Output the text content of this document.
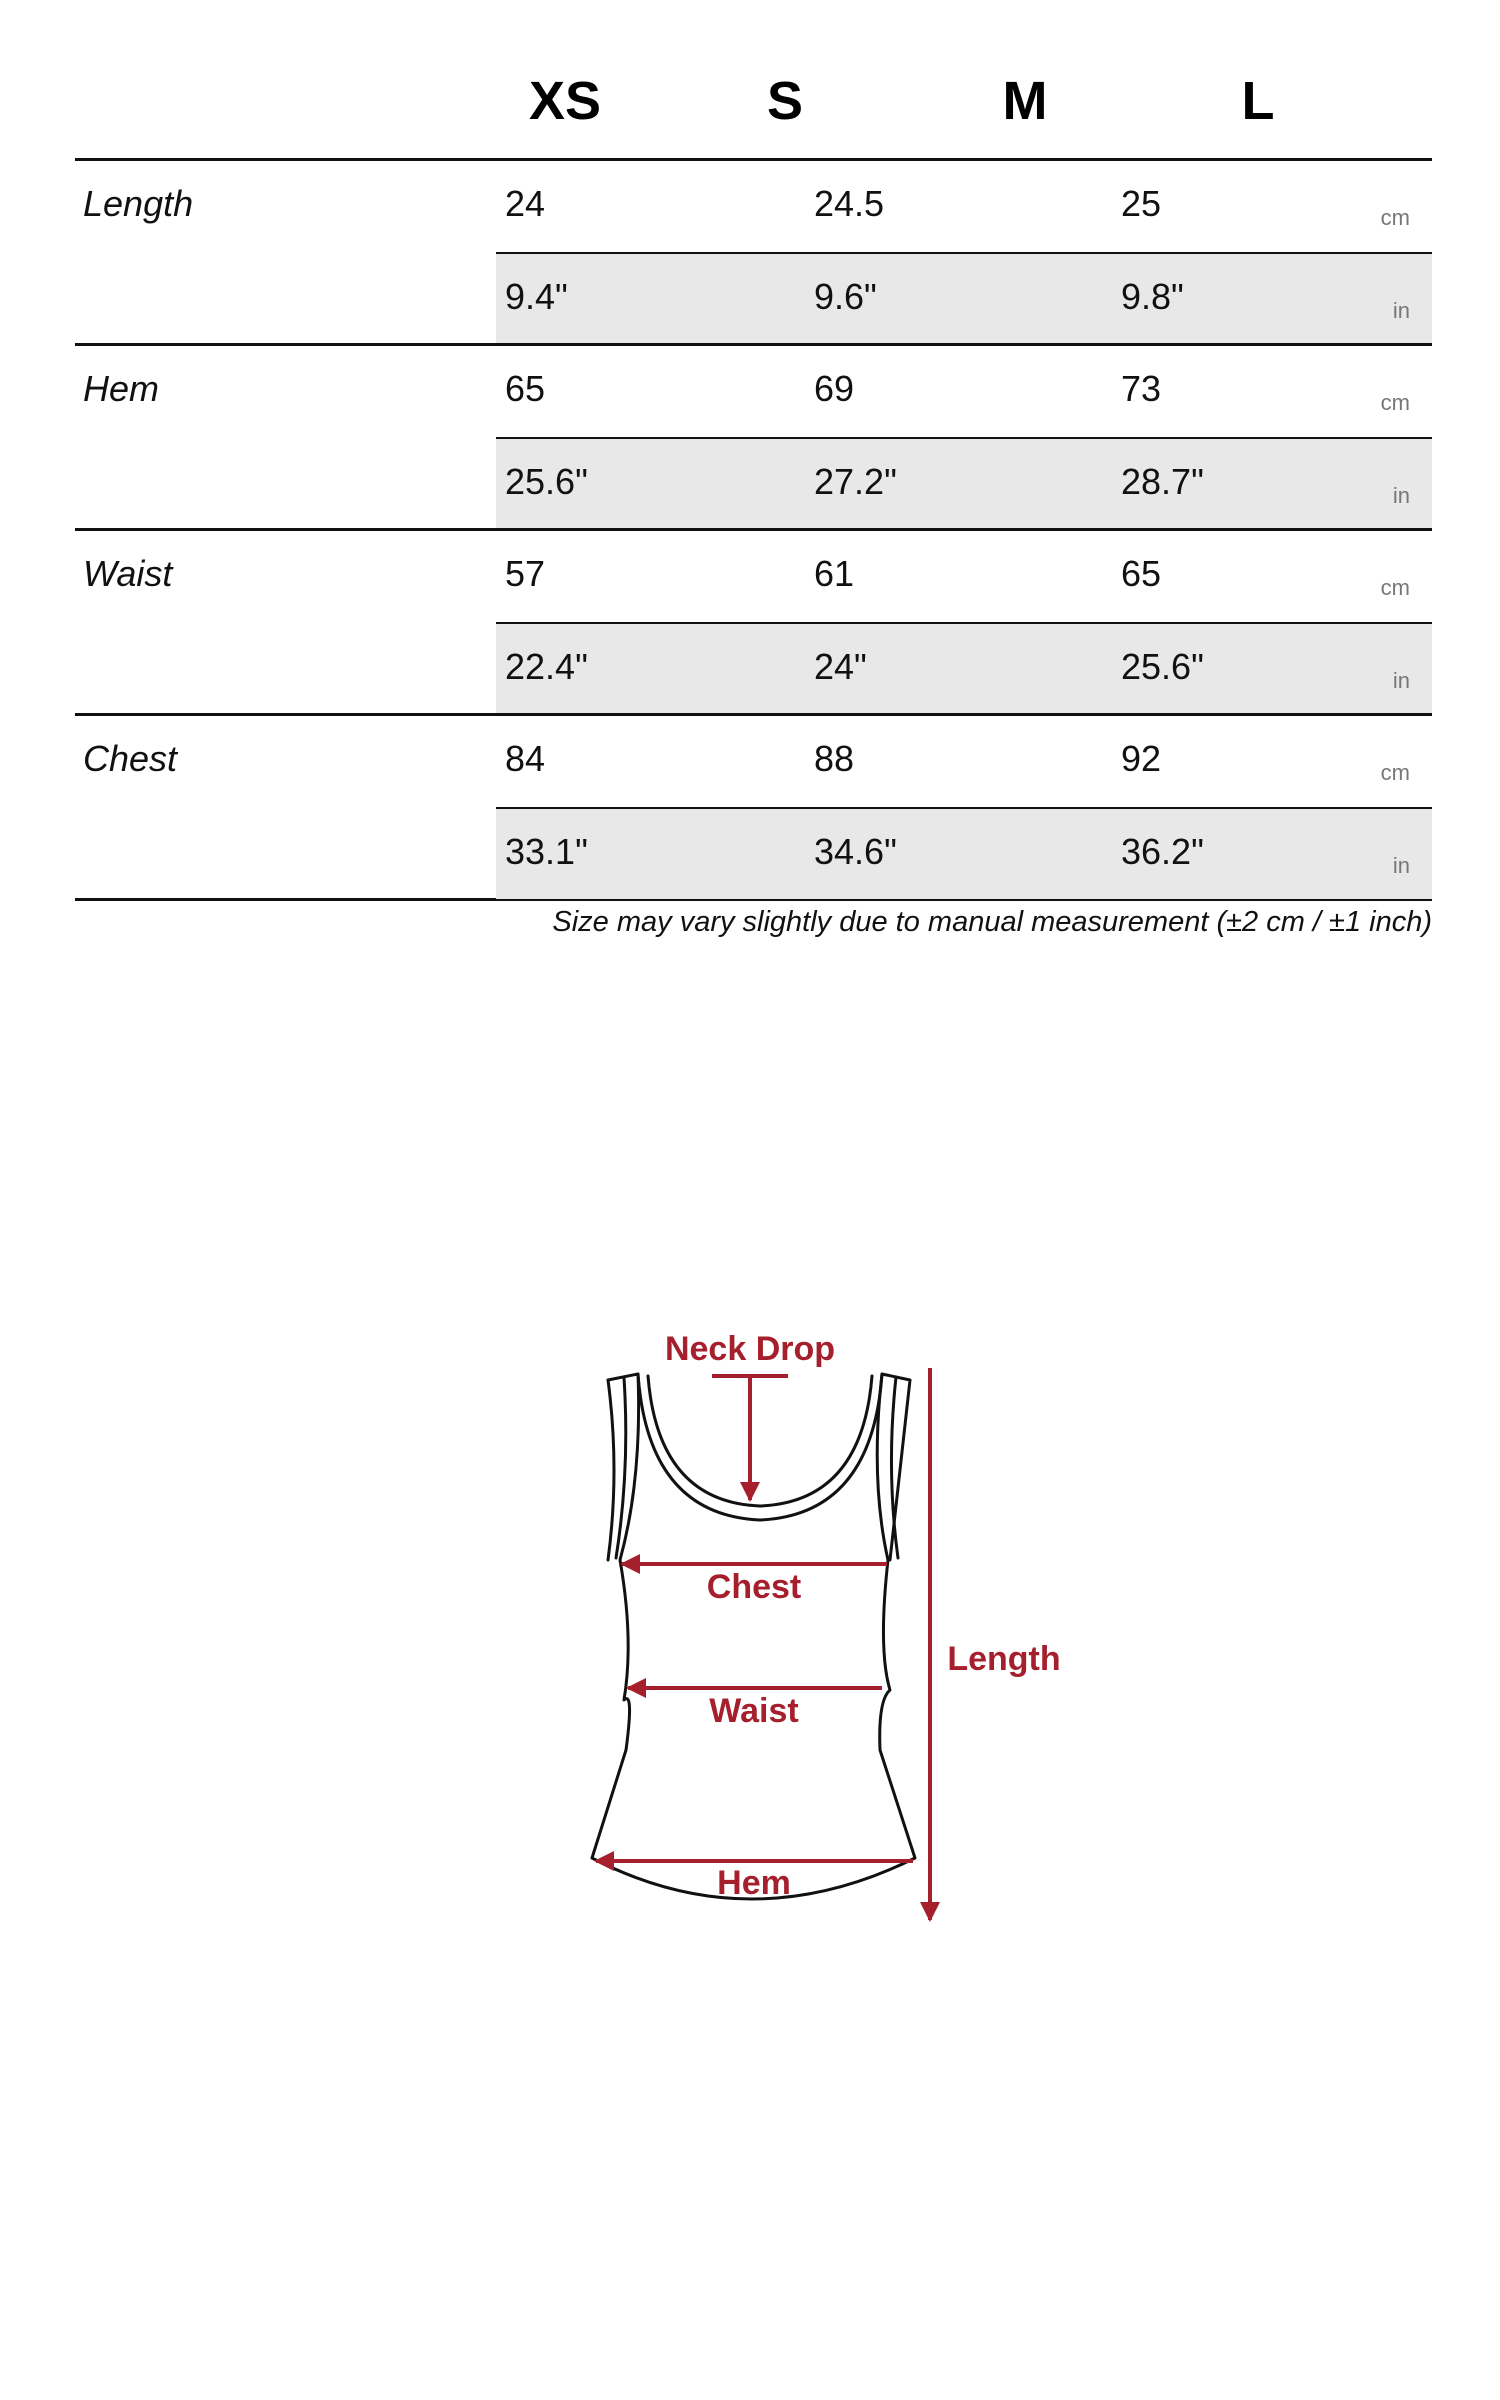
XS	S	M	L
Length	24	24.5	25	cm
9.4"	9.6"	9.8"	in
Hem	65	69	73	cm
25.6"	27.2"	28.7"	in
Waist	57	61	65	cm
22.4"	24"	25.6"	in
Chest	84	88	92	cm
33.1"	34.6"	36.2"	in
Size may vary slightly due to manual measurement (±2 cm / ±1 inch)
Neck Drop
Chest
Waist
Hem
Length
